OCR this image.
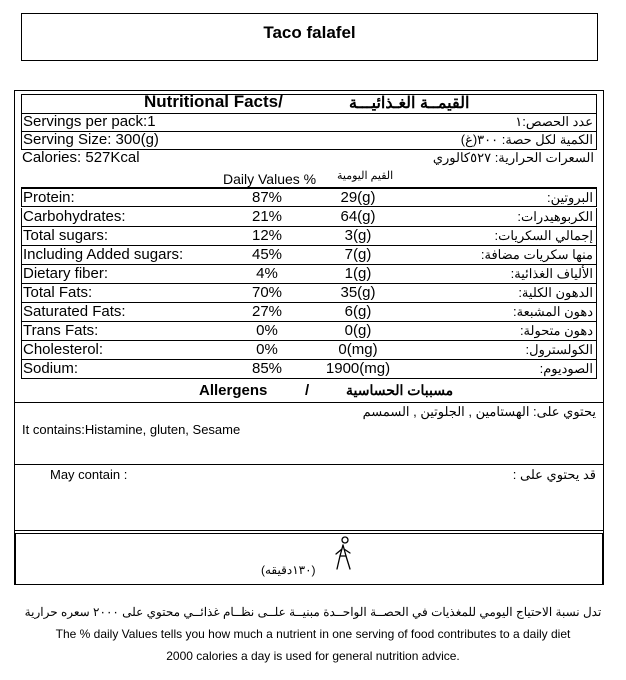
Taco falafel
Nutritional Facts/	القيمــة الغـذائيـــة
Servings per pack:1	عدد الحصص:١
Serving Size: 300(g)	الكمية لكل حصة: ٣٠٠(غ)
Calories: 527Kcal	السعرات الحرارية: ٥٢٧كالوري
Daily Values % القيم اليومية
Protein:	87%	29(g)	البروتين:
Carbohydrates:	21%	64(g)	الكربوهيدرات:
Total sugars:	12%	3(g)	إجمالي السكريات:
Including Added sugars:	45%	7(g)	منها سكريات مضافة:
Dietary fiber:	4%	1(g)	الألياف الغذائية:
Total Fats:	70%	35(g)	الدهون الكلية:
Saturated Fats:	27%	6(g)	دهون المشبعة:
Trans Fats:	0%	0(g)	دهون متحولة:
Cholesterol:	0%	0(mg)	الكولسترول:
Sodium:	85%	1900(mg)	الصوديوم:
Allergens	/	مسببات الحساسية
يحتوي على: الهستامين , الجلوتين , السمسم
It contains:Histamine, gluten, Sesame
May contain :	قد يحتوي على :
(١٣٠دقيقه)
تدل نسبة الاحتياج اليومي للمغذيات في الحصــة الواحــدة مبنيــة علــى نظــام غذائــي محتوي على ٢٠٠٠ سعره حرارية
The % daily Values tells you how much a nutrient in one serving of food contributes to a daily diet
2000 calories a day is used for general nutrition advice.
